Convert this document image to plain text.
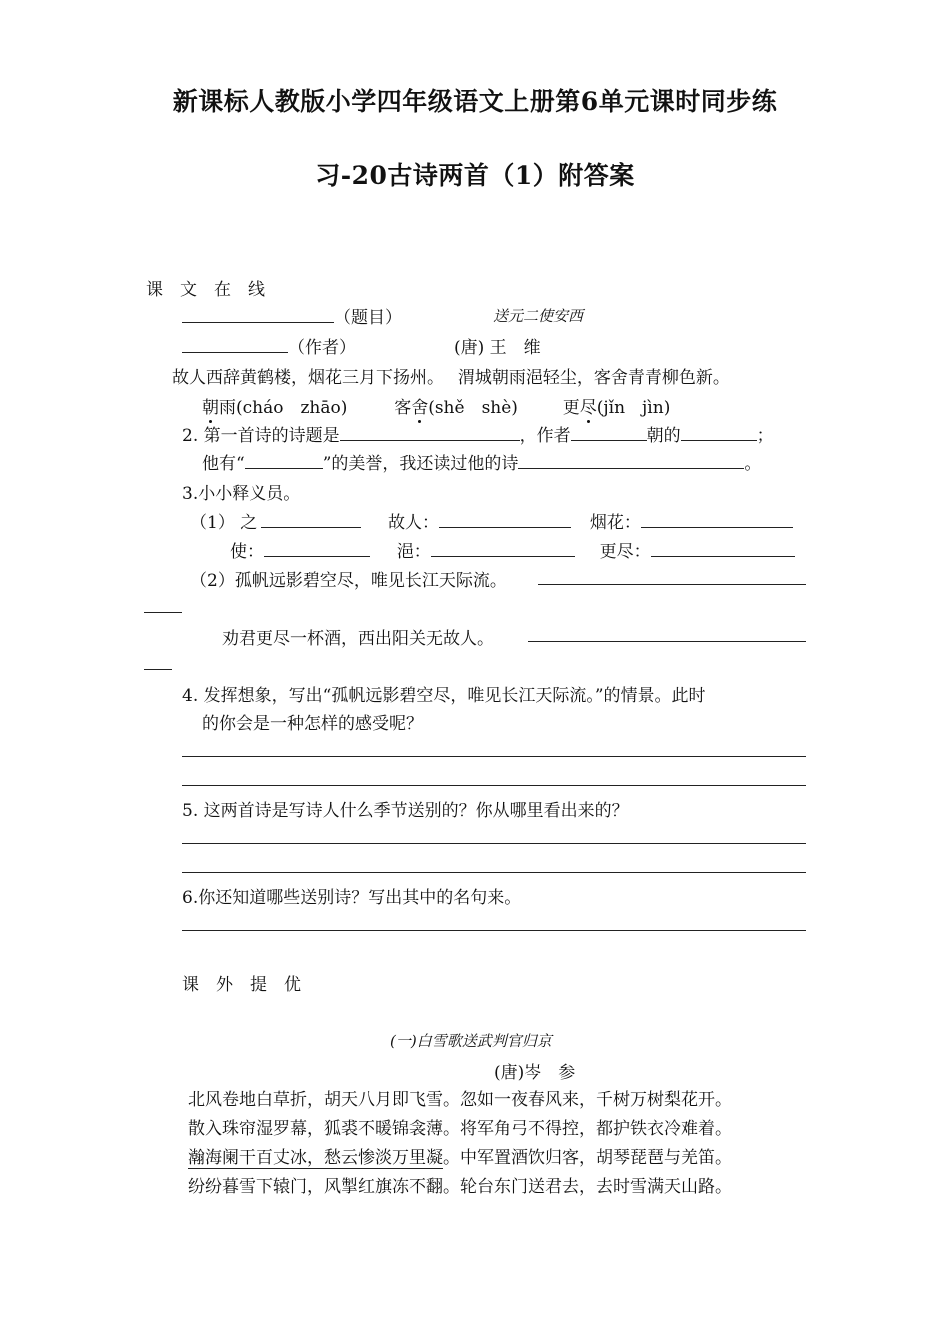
新课标人教版小学四年级语文上册第6单元课时同步练
习-20古诗两首（1）附答案
课　文　在　线
（题目）	送元二使安西
（作者）	(唐) 王　维
故人西辞黄鹤楼，烟花三月下扬州。　 渭城朝雨浥轻尘，客舍青青柳色新。
朝雨(cháo　zhāo)	客舍(shě　shè)	更尽(jǐn　jìn)
2. 第一首诗的诗题是	，作者	朝的	；
他有“	”的美誉，我还读过他的诗	。
3.小小释义员。
（1） 之	故人：	烟花：
使：	浥：	更尽：
（2）孤帆远影碧空尽，唯见长江天际流。
劝君更尽一杯酒，西出阳关无故人。
4. 发挥想象，写出“孤帆远影碧空尽，唯见长江天际流。”的情景。此时
的你会是一种怎样的感受呢？
5. 这两首诗是写诗人什么季节送别的？你从哪里看出来的？
6.你还知道哪些送别诗？写出其中的名句来。
课　外　提　优
(一)白雪歌送武判官归京
(唐)岑　参
北风卷地白草折，胡天八月即飞雪。忽如一夜春风来，千树万树梨花开。
散入珠帘湿罗幕，狐裘不暖锦衾薄。将军角弓不得控，都护铁衣冷难着。
瀚海阑干百丈冰，愁云惨淡万里凝。中军置酒饮归客，胡琴琵琶与羌笛。
纷纷暮雪下辕门，风掣红旗冻不翻。轮台东门送君去，去时雪满天山路。
